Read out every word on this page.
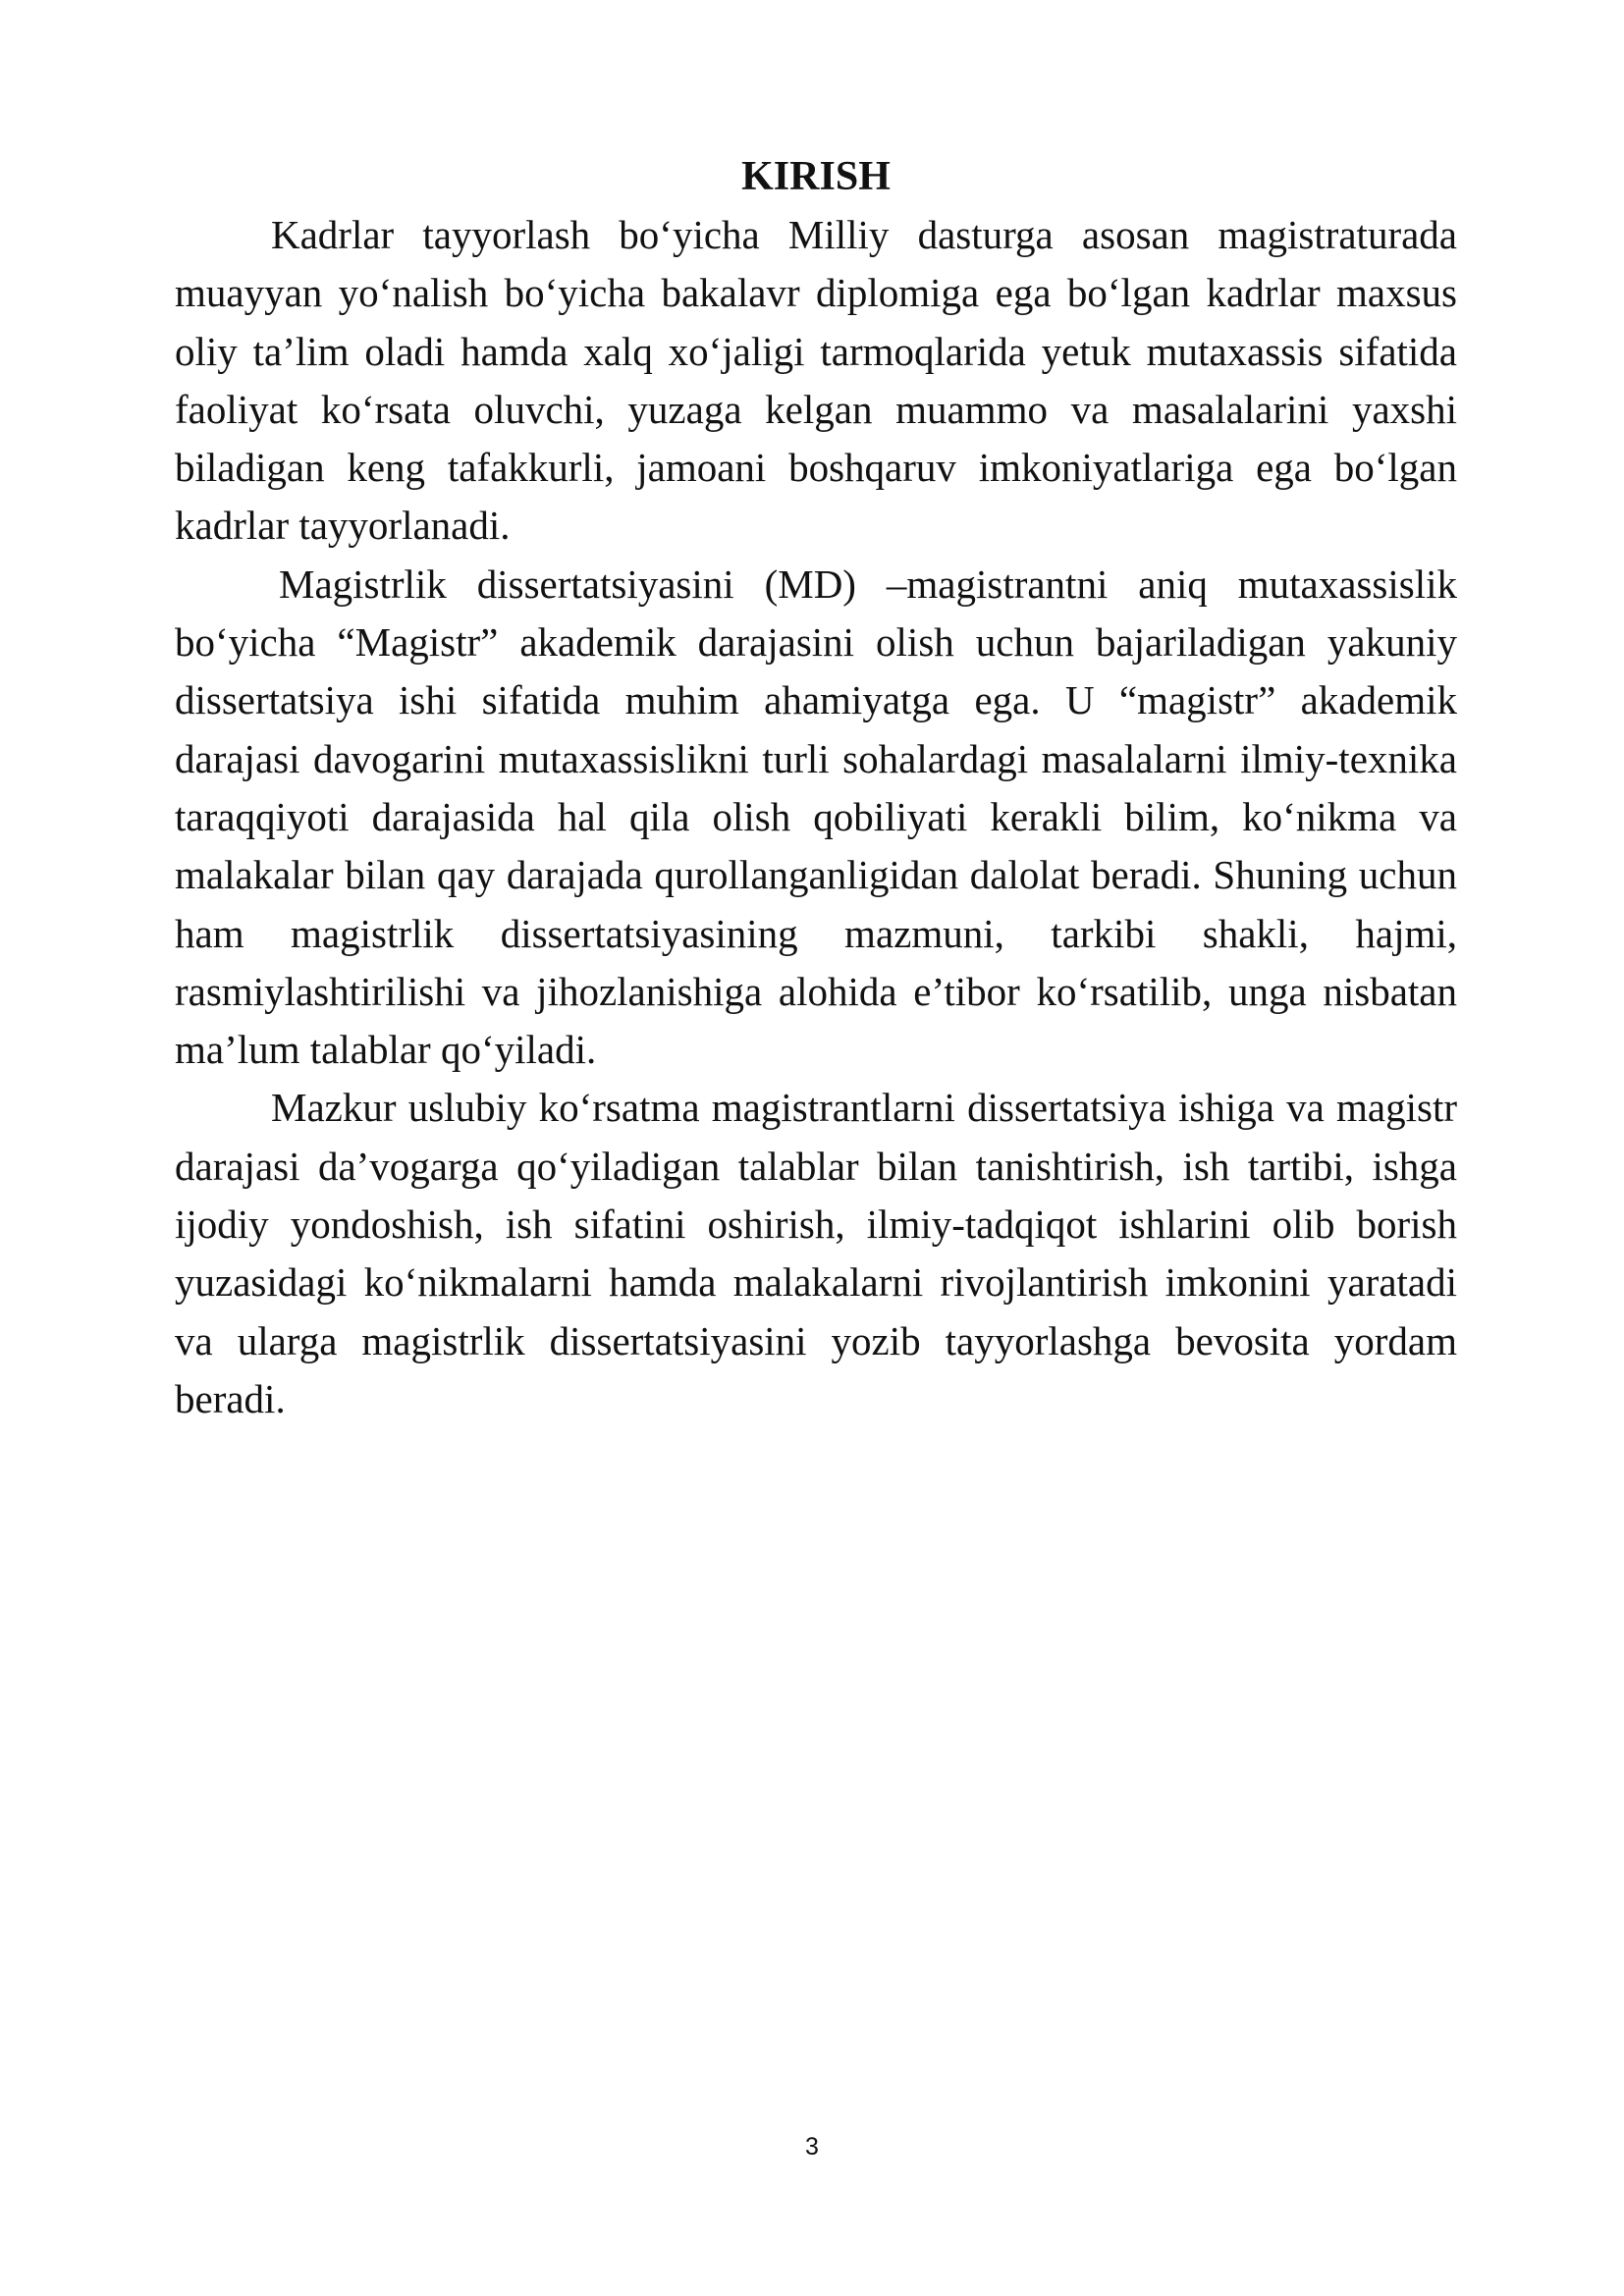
KIRISH

Kadrlar tayyorlash bo‘yicha Milliy dasturga asosan magistraturada muayyan yo‘nalish bo‘yicha bakalavr diplomiga ega bo‘lgan kadrlar maxsus oliy ta’lim oladi hamda xalq xo‘jaligi tarmoqlarida yetuk mutaxassis sifatida faoliyat ko‘rsata oluvchi, yuzaga kelgan muammo va masalalarini yaxshi biladigan keng tafakkurli, jamoani boshqaruv imkoniyatlariga ega bo‘lgan kadrlar tayyorlanadi.

Magistrlik dissertatsiyasini (MD) –magistrantni aniq mutaxassislik bo‘yicha “Magistr” akademik darajasini olish uchun bajariladigan yakuniy dissertatsiya ishi sifatida muhim ahamiyatga ega. U “magistr” akademik darajasi davogarini mutaxassislikni turli sohalardagi masalalarni ilmiy-texnika taraqqiyoti darajasida hal qila olish qobiliyati kerakli bilim, ko‘nikma va malakalar bilan qay darajada qurollanganligidan dalolat beradi. Shuning uchun ham magistrlik dissertatsiyasining mazmuni, tarkibi shakli, hajmi, rasmiylashtirilishi va jihozlanishiga alohida e’tibor ko‘rsatilib, unga nisbatan ma’lum talablar qo‘yiladi.

Mazkur uslubiy ko‘rsatma magistrantlarni dissertatsiya ishiga va magistr darajasi da’vogarga qo‘yiladigan talablar bilan tanishtirish, ish tartibi, ishga ijodiy yondoshish, ish sifatini oshirish, ilmiy-tadqiqot ishlarini olib borish yuzasidagi ko‘nikmalarni hamda malakalarni rivojlantirish imkonini yaratadi va ularga magistrlik dissertatsiyasini yozib tayyorlashga bevosita yordam beradi.

3
